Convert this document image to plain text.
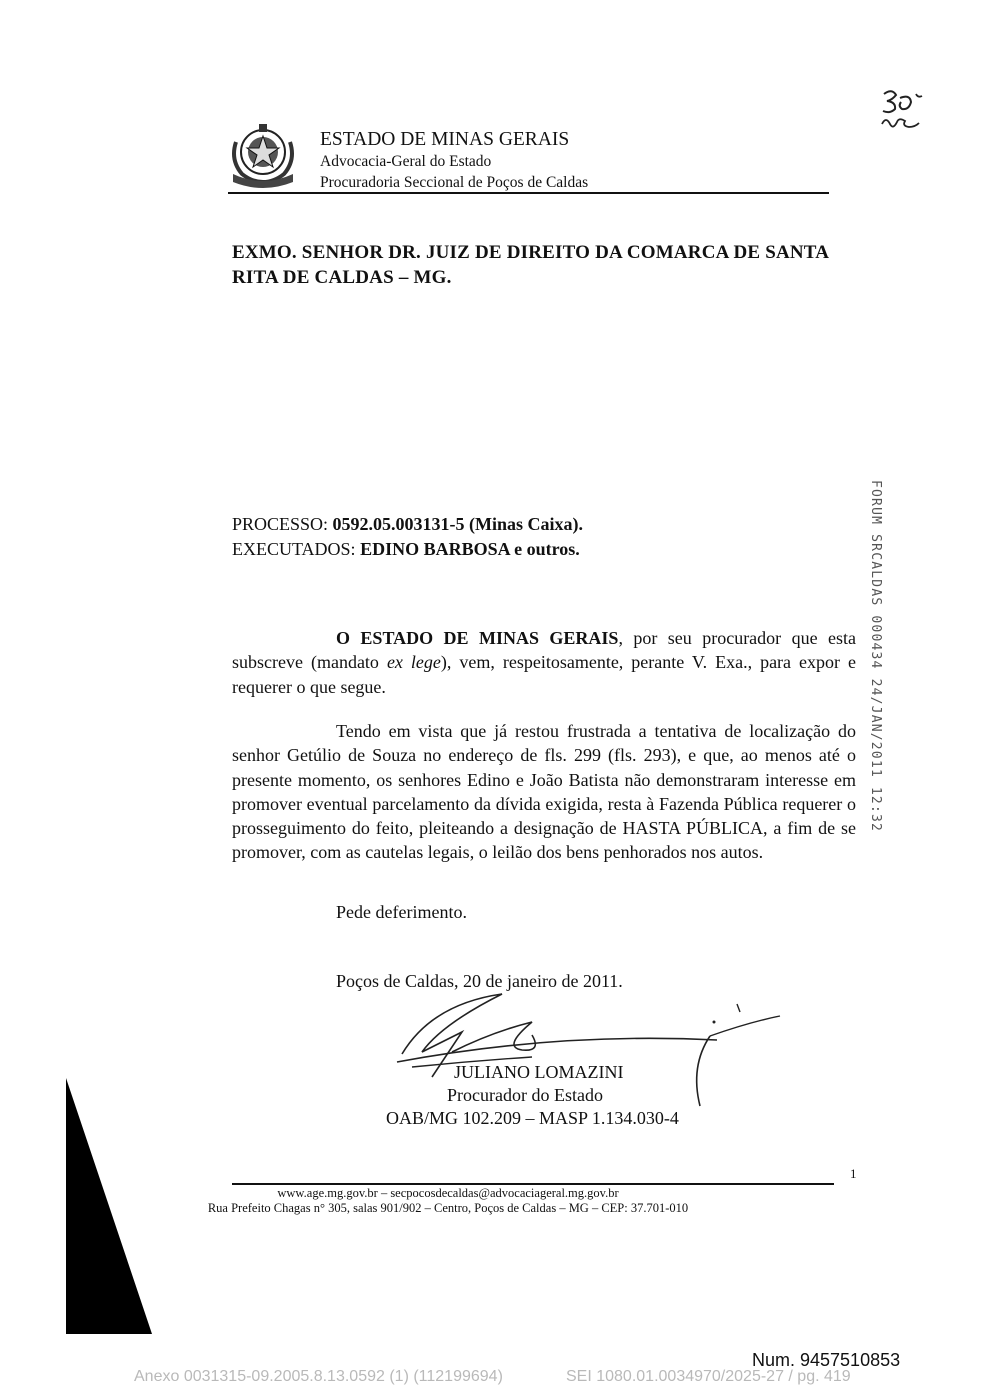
ESTADO DE MINAS GERAIS
Advocacia-Geral do Estado
Procuradoria Seccional de Poços de Caldas
EXMO. SENHOR DR. JUIZ DE DIREITO DA COMARCA DE SANTA
RITA DE CALDAS – MG.
PROCESSO: 0592.05.003131-5 (Minas Caixa).
EXECUTADOS: EDINO BARBOSA e outros.

O ESTADO DE MINAS GERAIS, por seu procurador que esta subscreve (mandato ex lege), vem, respeitosamente, perante V. Exa., para expor e requerer o que segue.

Tendo em vista que já restou frustrada a tentativa de localização do senhor Getúlio de Souza no endereço de fls. 299 (fls. 293), e que, ao menos até o presente momento, os senhores Edino e João Batista não demonstraram interesse em promover eventual parcelamento da dívida exigida, resta à Fazenda Pública requerer o prosseguimento do feito, pleiteando a designação de HASTA PÚBLICA, a fim de se promover, com as cautelas legais, o leilão dos bens penhorados nos autos.

Pede deferimento.
Poços de Caldas, 20 de janeiro de 2011.
JULIANO LOMAZINI
Procurador do Estado
OAB/MG 102.209 – MASP 1.134.030-4
FORUM SRCALDAS 000434 24/JAN/2011 12:32
1
www.age.mg.gov.br – secpocosdecaldas@advocaciageral.mg.gov.br
Rua Prefeito Chagas n° 305, salas 901/902 – Centro, Poços de Caldas – MG – CEP: 37.701-010
Num. 9457510853
Anexo 0031315-09.2005.8.13.0592 (1) (112199694)	SEI 1080.01.0034970/2025-27 / pg. 419
